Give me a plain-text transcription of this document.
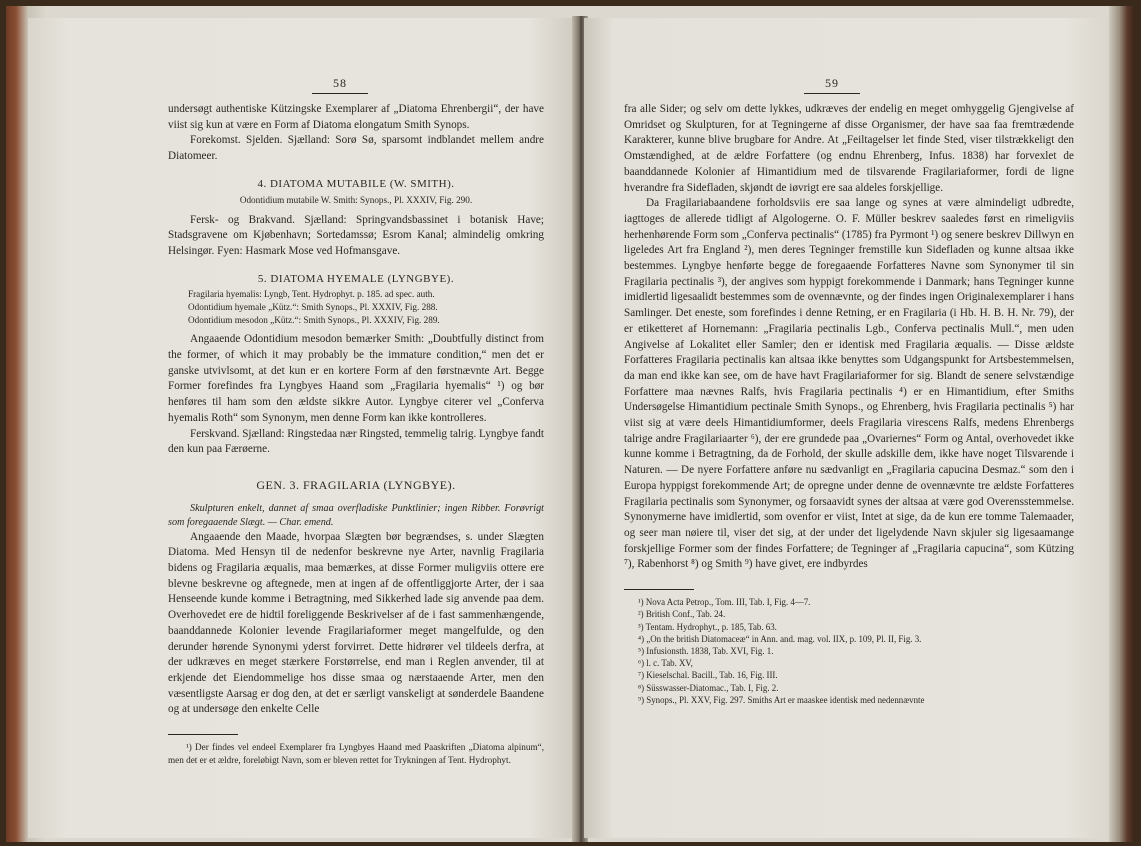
58

undersøgt authentiske Kützingske Exemplarer af „Diatoma Ehrenbergii“, der have viist sig kun at være en Form af Diatoma elongatum Smith Synops.

Forekomst. Sjelden. Sjælland: Sorø Sø, sparsomt indblandet mellem andre Diatomeer.

4. DIATOMA MUTABILE (W. SMITH).
Odontidium mutabile W. Smith: Synops., Pl. XXXIV, Fig. 290.

Fersk- og Brakvand. Sjælland: Springvandsbassinet i botanisk Have; Stadsgravene om Kjøbenhavn; Sortedamssø; Esrom Kanal; almindelig omkring Helsingør. Fyen: Hasmark Mose ved Hofmansgave.

5. DIATOMA HYEMALE (LYNGBYE).
Fragilaria hyemalis: Lyngb, Tent. Hydrophyt. p. 185. ad spec. auth.
Odontidium hyemale „Kütz.“: Smith Synops., Pl. XXXIV, Fig. 288.
Odontidium mesodon „Kütz.“: Smith Synops., Pl. XXXIV, Fig. 289.

Angaaende Odontidium mesodon bemærker Smith: „Doubtfully distinct from the former, of which it may probably be the immature condition,“ men det er ganske utvivlsomt, at det kun er en kortere Form af den førstnævnte Art. Begge Former forefindes fra Lyngbyes Haand som „Fragilaria hyemalis“ ¹) og bør henføres til ham som den ældste sikkre Autor. Lyngbye citerer vel „Conferva hyemalis Roth“ som Synonym, men denne Form kan ikke kontrolleres.

Ferskvand. Sjælland: Ringstedaa nær Ringsted, temmelig talrig. Lyngbye fandt den kun paa Færøerne.

GEN. 3. FRAGILARIA (LYNGBYE).

Skulpturen enkelt, dannet af smaa overfladiske Punktlinier; ingen Ribber. Forøvrigt som foregaaende Slægt. — Char. emend.

Angaaende den Maade, hvorpaa Slægten bør begrændses, s. under Slægten Diatoma. Med Hensyn til de nedenfor beskrevne nye Arter, navnlig Fragilaria bidens og Fragilaria æqualis, maa bemærkes, at disse Former muligviis ottere ere blevne beskrevne og aftegnede, men at ingen af de offentliggjorte Arter, der i saa Henseende kunde komme i Betragtning, med Sikkerhed lade sig anvende paa dem. Overhovedet ere de hidtil foreliggende Beskrivelser af de i fast sammenhængende, baanddannede Kolonier levende Fragilariaformer meget mangelfulde, og den derunder hørende Synonymi yderst forvirret. Dette hidrører vel tildeels derfra, at der udkræves en meget stærkere Forstørrelse, end man i Reglen anvender, til at erkjende det Eiendommelige hos disse smaa og nærstaaende Arter, men den væsentligste Aarsag er dog den, at det er særligt vanskeligt at sønderdele Baandene og at undersøge den enkelte Celle

¹) Der findes vel endeel Exemplarer fra Lyngbyes Haand med Paaskriften „Diatoma alpinum“, men det er et ældre, foreløbigt Navn, som er bleven rettet for Trykningen af Tent. Hydrophyt.

59

fra alle Sider; og selv om dette lykkes, udkræves der endelig en meget omhyggelig Gjengivelse af Omridset og Skulpturen, for at Tegningerne af disse Organismer, der have saa faa fremtrædende Karakterer, kunne blive brugbare for Andre. At „Feiltagelser let finde Sted, viser tilstrækkeligt den Omstændighed, at de ældre Forfattere (og endnu Ehrenberg, Infus. 1838) har forvexlet de baanddannede Kolonier af Himantidium med de tilsvarende Fragilariaformer, fordi de ligne hverandre fra Sidefladen, skjøndt de iøvrigt ere saa aldeles forskjellige.

Da Fragilariabaandene forholdsviis ere saa lange og synes at være almindeligt udbredte, iagttoges de allerede tidligt af Algologerne. O. F. Müller beskrev saaledes først en rimeligviis herhenhørende Form som „Conferva pectinalis“ (1785) fra Pyrmont ¹) og senere beskrev Dillwyn en ligeledes Art fra England ²), men deres Tegninger fremstille kun Sidefladen og kunne altsaa ikke bestemmes. Lyngbye henførte begge de foregaaende Forfatteres Navne som Synonymer til sin Fragilaria pectinalis ³), der angives som hyppigt forekommende i Danmark; hans Tegninger kunne imidlertid ligesaalidt bestemmes som de ovennævnte, og der findes ingen Originalexemplarer i hans Samlinger. Det eneste, som forefindes i denne Retning, er en Fragilaria (i Hb. H. B. H. Nr. 79), der er etiketteret af Hornemann: „Fragilaria pectinalis Lgb., Conferva pectinalis Mull.“, men uden Angivelse af Lokalitet eller Samler; den er identisk med Fragilaria æqualis. — Disse ældste Forfatteres Fragilaria pectinalis kan altsaa ikke benyttes som Udgangspunkt for Artsbestemmelsen, da man end ikke kan see, om de have havt Fragilariaformer for sig. Blandt de senere selvstændige Forfattere maa nævnes Ralfs, hvis Fragilaria pectinalis ⁴) er en Himantidium, efter Smiths Undersøgelse Himantidium pectinale Smith Synops., og Ehrenberg, hvis Fragilaria pectinalis ⁵) har viist sig at være deels Himantidiumformer, deels Fragilaria virescens Ralfs, medens Ehrenbergs talrige andre Fragilariaarter ⁶), der ere grundede paa „Ovariernes“ Form og Antal, overhovedet ikke kunne komme i Betragtning, da de Forhold, der skulle adskille dem, ikke have noget Tilsvarende i Naturen. — De nyere Forfattere anføre nu sædvanligt en „Fragilaria capucina Desmaz.“ som den i Europa hyppigst forekommende Art; de opregne under denne de ovennævnte tre ældste Forfatteres Fragilaria pectinalis som Synonymer, og forsaavidt synes der altsaa at være god Overensstemmelse. Synonymerne have imidlertid, som ovenfor er viist, Intet at sige, da de kun ere tomme Talemaader, og seer man nøiere til, viser det sig, at der under det ligelydende Navn skjuler sig ligesaamange forskjellige Former som der findes Forfattere; de Tegninger af „Fragilaria capucina“, som Kützing ⁷), Rabenhorst ⁸) og Smith ⁹) have givet, ere indbyrdes

¹) Nova Acta Petrop., Tom. III, Tab. I, Fig. 4—7.
²) British Conf., Tab. 24.
³) Tentam. Hydrophyt., p. 185, Tab. 63.
⁴) „On the british Diatomaceæ“ in Ann. and. mag. vol. IIX, p. 109, Pl. II, Fig. 3.
⁵) Infusionsth. 1838, Tab. XVI, Fig. 1.
⁶) l. c. Tab. XV,
⁷) Kieselschal. Bacill., Tab. 16, Fig. III.
⁸) Süsswasser-Diatomac., Tab. I, Fig. 2.
⁹) Synops., Pl. XXV, Fig. 297. Smiths Art er maaskee identisk med nedennævnte
